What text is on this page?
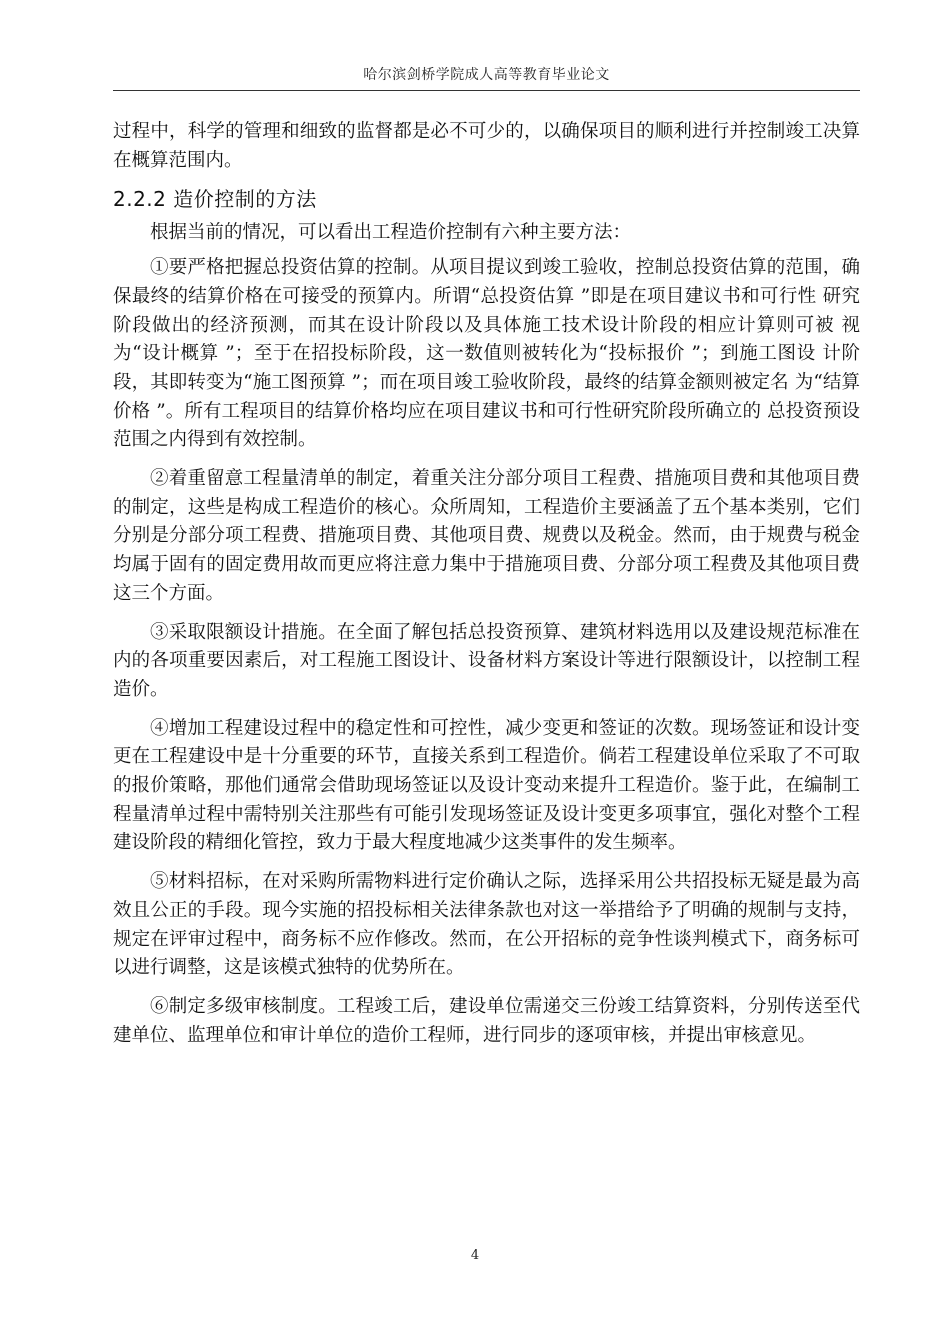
哈尔滨剑桥学院成人高等教育毕业论文

过程中，科学的管理和细致的监督都是必不可少的，以确保项目的顺利进行并控制竣工决算在概算范围内。

2.2.2 造价控制的方法

根据当前的情况，可以看出工程造价控制有六种主要方法：

①要严格把握总投资估算的控制。从项目提议到竣工验收，控制总投资估算的范围，确保最终的结算价格在可接受的预算内。所谓“总投资估算 ”即是在项目建议书和可行性 研究阶段做出的经济预测，而其在设计阶段以及具体施工技术设计阶段的相应计算则可被 视为“设计概算 ”；至于在招投标阶段，这一数值则被转化为“投标报价 ”；到施工图设 计阶段，其即转变为“施工图预算 ”；而在项目竣工验收阶段，最终的结算金额则被定名 为“结算价格 ”。所有工程项目的结算价格均应在项目建议书和可行性研究阶段所确立的 总投资预设范围之内得到有效控制。

②着重留意工程量清单的制定，着重关注分部分项目工程费、措施项目费和其他项目费的制定，这些是构成工程造价的核心。众所周知，工程造价主要涵盖了五个基本类别，它们分别是分部分项工程费、措施项目费、其他项目费、规费以及税金。然而，由于规费与税金均属于固有的固定费用故而更应将注意力集中于措施项目费、分部分项工程费及其他项目费这三个方面。

③采取限额设计措施。在全面了解包括总投资预算、建筑材料选用以及建设规范标准在内的各项重要因素后，对工程施工图设计、设备材料方案设计等进行限额设计，以控制工程造价。

④增加工程建设过程中的稳定性和可控性，减少变更和签证的次数。现场签证和设计变更在工程建设中是十分重要的环节，直接关系到工程造价。倘若工程建设单位采取了不可取的报价策略，那他们通常会借助现场签证以及设计变动来提升工程造价。鉴于此，在编制工程量清单过程中需特别关注那些有可能引发现场签证及设计变更多项事宜，强化对整个工程建设阶段的精细化管控，致力于最大程度地减少这类事件的发生频率。

⑤材料招标，在对采购所需物料进行定价确认之际，选择采用公共招投标无疑是最为高效且公正的手段。现今实施的招投标相关法律条款也对这一举措给予了明确的规制与支持，规定在评审过程中，商务标不应作修改。然而，在公开招标的竞争性谈判模式下，商务标可以进行调整，这是该模式独特的优势所在。

⑥制定多级审核制度。工程竣工后，建设单位需递交三份竣工结算资料，分别传送至代建单位、监理单位和审计单位的造价工程师，进行同步的逐项审核，并提出审核意见。

4
